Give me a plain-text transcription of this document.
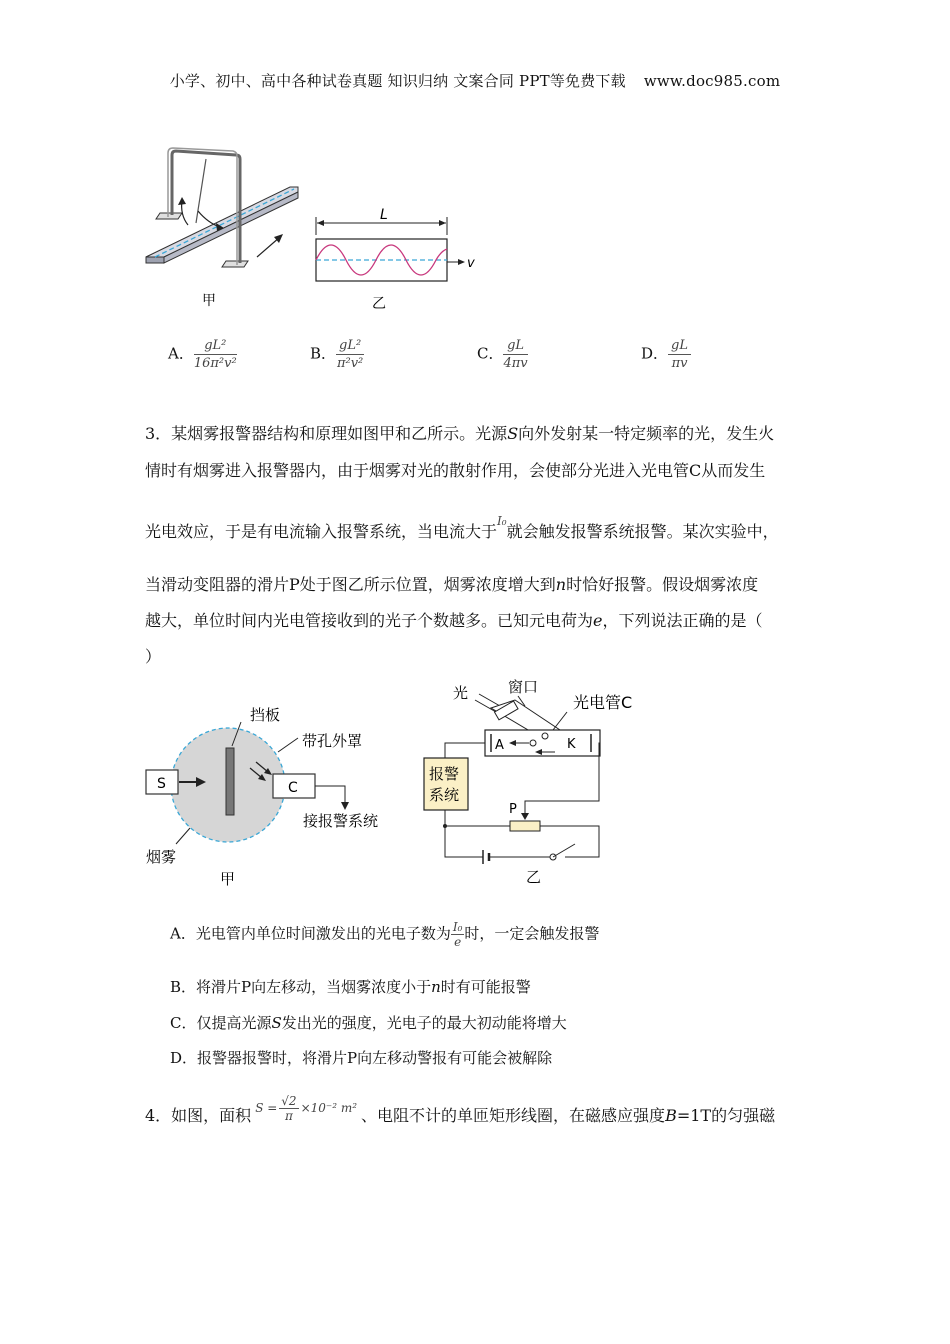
小学、初中、高中各种试卷真题 知识归纳 文案合同 PPT等免费下载 www.doc985.com
L
v
甲	乙
A． $\frac{\text{gL²}}{\text{16π²v²}}$	B． $\frac{\text{gL²}}{\text{π²v²}}$	C． $\frac{gL}{4\pi v}$	D． $\frac{gL}{\pi v}$
3．某烟雾报警器结构和原理如图甲和乙所示。光源S向外发射某一特定频率的光，发生火
情时有烟雾进入报警器内，由于烟雾对光的散射作用，会使部分光进入光电管C从而发生
光电效应，于是有电流输入报警系统，当电流大于$^{I_0}$就会触发报警系统报警。某次实验中，
当滑动变阻器的滑片P处于图乙所示位置，烟雾浓度增大到n时恰好报警。假设烟雾浓度
越大，单位时间内光电管接收到的光子个数越多。已知元电荷为e，下列说法正确的是（
）
S
挡板
带孔外罩
C
接报警系统
烟雾
甲
光	窗口
光电管C
A	K
报警
系统
P
乙
A．光电管内单位时间激发出的光电子数为 $\frac{\text{I₀}}{e}$ 时，一定会触发报警
B．将滑片P向左移动，当烟雾浓度小于n时有可能报警
C．仅提高光源S发出光的强度，光电子的最大初动能将增大
D．报警器报警时，将滑片P向左移动警报有可能会被解除
4．如图，面积 $S = \frac{√2}{\pi} \times 10^{-2}$ m² 、电阻不计的单匝矩形线圈，在磁感应强度B=1T的匀强磁
